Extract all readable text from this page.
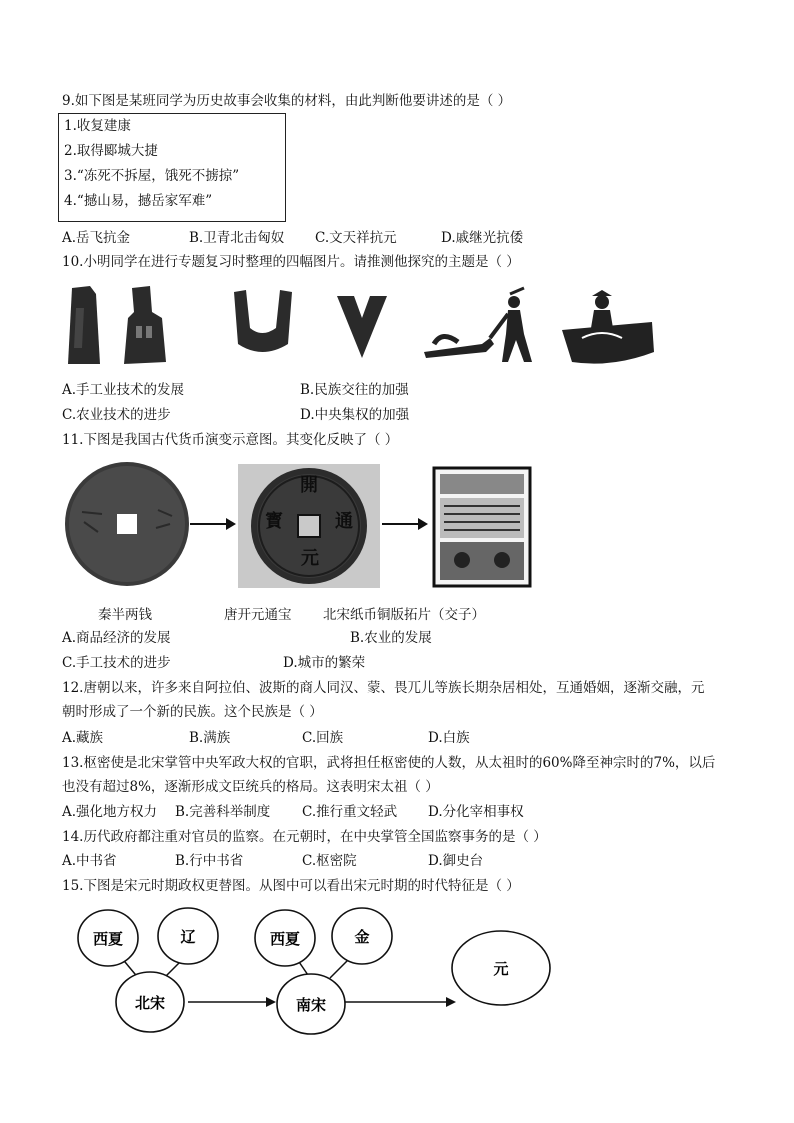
9.如下图是某班同学为历史故事会收集的材料，由此判断他要讲述的是（ ）
1.收复建康
2.取得郾城大捷
3.“冻死不拆屋，饿死不掳掠”
4.“撼山易，撼岳家军难”
A.岳飞抗金	B.卫青北击匈奴 C.文天祥抗元	D.戚继光抗倭
10.小明同学在进行专题复习时整理的四幅图片。请推测他探究的主题是（ ）
A.手工业技术的发展	B.民族交往的加强
C.农业技术的进步	D.中央集权的加强
11.下图是我国古代货币演变示意图。其变化反映了（ ）
開
通
元
寳
秦半两钱	唐开元通宝 北宋纸币铜版拓片（交子）
A.商品经济的发展	B.农业的发展
C.手工技术的进步	D.城市的繁荣
12.唐朝以来，许多来自阿拉伯、波斯的商人同汉、蒙、畏兀儿等族长期杂居相处，互通婚姻，逐渐交融，元
朝时形成了一个新的民族。这个民族是（ ）
A.藏族	B.满族	C.回族	D.白族
13.枢密使是北宋掌管中央军政大权的官职，武将担任枢密使的人数，从太祖时的60%降至神宗时的7%，以后
也没有超过8%，逐渐形成文臣统兵的格局。这表明宋太祖（ ）
A.强化地方权力 B.完善科举制度 C.推行重文轻武 D.分化宰相事权
14.历代政府都注重对官员的监察。在元朝时，在中央掌管全国监察事务的是（ ）
A.中书省	B.行中书省	C.枢密院	D.御史台
15.下图是宋元时期政权更替图。从图中可以看出宋元时期的时代特征是（ ）
西夏	辽
北宋
西夏	金
南宋
元
